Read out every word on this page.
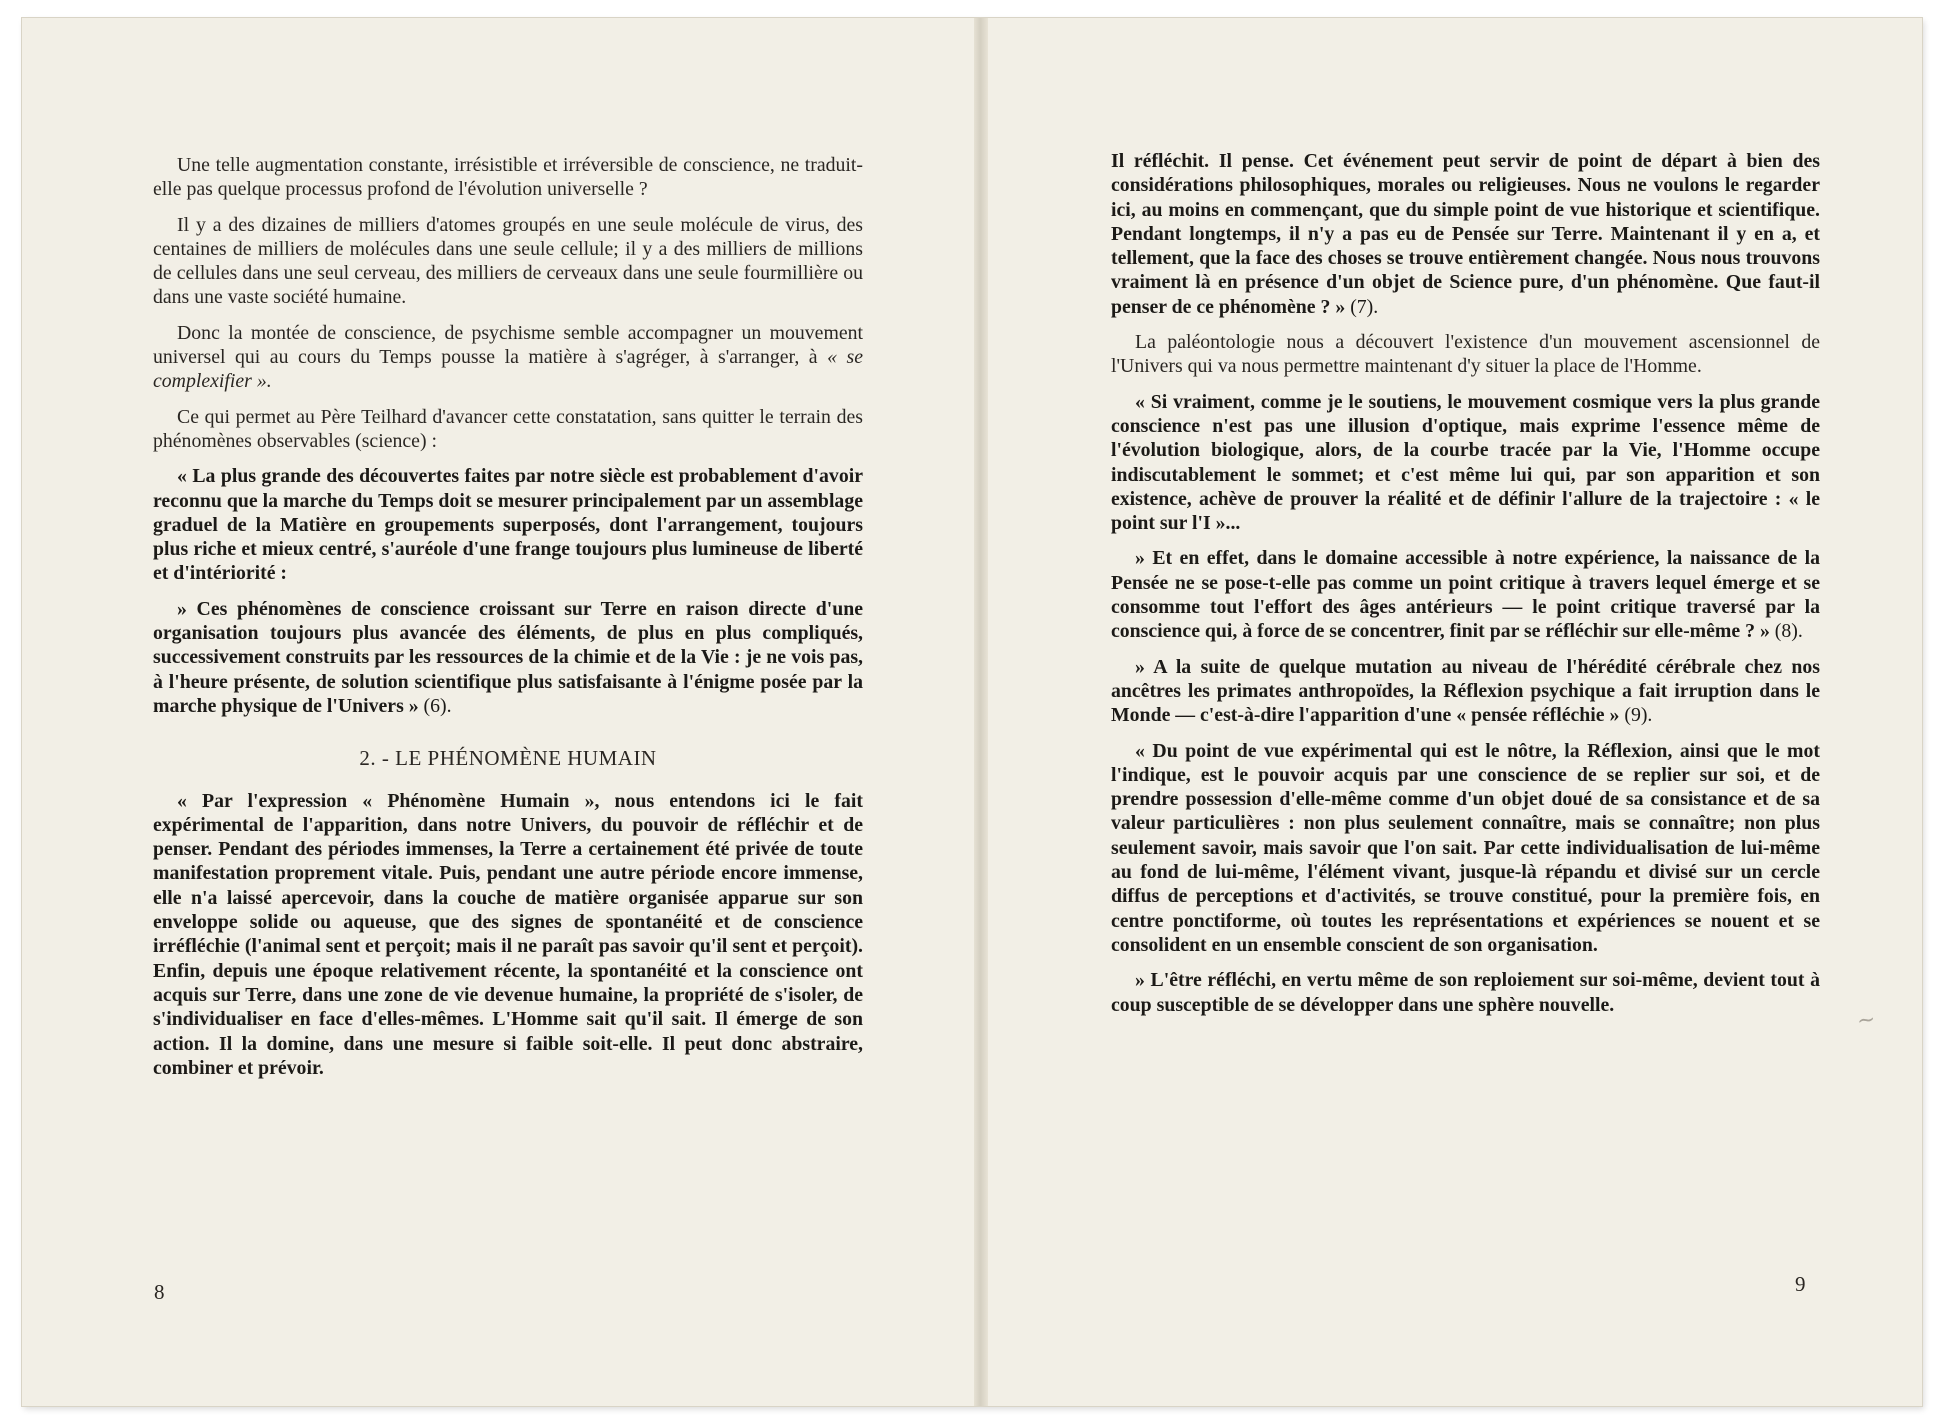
Une telle augmentation constante, irrésistible et irréversible de conscience, ne traduit-elle pas quelque processus profond de l'évolution universelle ?

Il y a des dizaines de milliers d'atomes groupés en une seule molécule de virus, des centaines de milliers de molécules dans une seule cellule; il y a des milliers de millions de cellules dans une seul cerveau, des milliers de cerveaux dans une seule fourmillière ou dans une vaste société humaine.

Donc la montée de conscience, de psychisme semble accompagner un mouvement universel qui au cours du Temps pousse la matière à s'agréger, à s'arranger, à « se complexifier ».

Ce qui permet au Père Teilhard d'avancer cette constatation, sans quitter le terrain des phénomènes observables (science) :

« La plus grande des découvertes faites par notre siècle est probablement d'avoir reconnu que la marche du Temps doit se mesurer principalement par un assemblage graduel de la Matière en groupements superposés, dont l'arrangement, toujours plus riche et mieux centré, s'auréole d'une frange toujours plus lumineuse de liberté et d'intériorité :

» Ces phénomènes de conscience croissant sur Terre en raison directe d'une organisation toujours plus avancée des éléments, de plus en plus compliqués, successivement construits par les ressources de la chimie et de la Vie : je ne vois pas, à l'heure présente, de solution scientifique plus satisfaisante à l'énigme posée par la marche physique de l'Univers » (6).

2. - LE PHÉNOMÈNE HUMAIN

« Par l'expression « Phénomène Humain », nous entendons ici le fait expérimental de l'apparition, dans notre Univers, du pouvoir de réfléchir et de penser. Pendant des périodes immenses, la Terre a certainement été privée de toute manifestation proprement vitale. Puis, pendant une autre période encore immense, elle n'a laissé apercevoir, dans la couche de matière organisée apparue sur son enveloppe solide ou aqueuse, que des signes de spontanéité et de conscience irréfléchie (l'animal sent et perçoit; mais il ne paraît pas savoir qu'il sent et perçoit). Enfin, depuis une époque relativement récente, la spontanéité et la conscience ont acquis sur Terre, dans une zone de vie devenue humaine, la propriété de s'isoler, de s'individualiser en face d'elles-mêmes. L'Homme sait qu'il sait. Il émerge de son action. Il la domine, dans une mesure si faible soit-elle. Il peut donc abstraire, combiner et prévoir.

8

Il réfléchit. Il pense. Cet événement peut servir de point de départ à bien des considérations philosophiques, morales ou religieuses. Nous ne voulons le regarder ici, au moins en commençant, que du simple point de vue historique et scientifique. Pendant longtemps, il n'y a pas eu de Pensée sur Terre. Maintenant il y en a, et tellement, que la face des choses se trouve entièrement changée. Nous nous trouvons vraiment là en présence d'un objet de Science pure, d'un phénomène. Que faut-il penser de ce phénomène ? » (7).

La paléontologie nous a découvert l'existence d'un mouvement ascensionnel de l'Univers qui va nous permettre maintenant d'y situer la place de l'Homme.

« Si vraiment, comme je le soutiens, le mouvement cosmique vers la plus grande conscience n'est pas une illusion d'optique, mais exprime l'essence même de l'évolution biologique, alors, de la courbe tracée par la Vie, l'Homme occupe indiscutablement le sommet; et c'est même lui qui, par son apparition et son existence, achève de prouver la réalité et de définir l'allure de la trajectoire : « le point sur l'I »...

» Et en effet, dans le domaine accessible à notre expérience, la naissance de la Pensée ne se pose-t-elle pas comme un point critique à travers lequel émerge et se consomme tout l'effort des âges antérieurs — le point critique traversé par la conscience qui, à force de se concentrer, finit par se réfléchir sur elle-même ? » (8).

» A la suite de quelque mutation au niveau de l'hérédité cérébrale chez nos ancêtres les primates anthropoïdes, la Réflexion psychique a fait irruption dans le Monde — c'est-à-dire l'apparition d'une « pensée réfléchie » (9).

« Du point de vue expérimental qui est le nôtre, la Réflexion, ainsi que le mot l'indique, est le pouvoir acquis par une conscience de se replier sur soi, et de prendre possession d'elle-même comme d'un objet doué de sa consistance et de sa valeur particulières : non plus seulement connaître, mais se connaître; non plus seulement savoir, mais savoir que l'on sait. Par cette individualisation de lui-même au fond de lui-même, l'élément vivant, jusque-là répandu et divisé sur un cercle diffus de perceptions et d'activités, se trouve constitué, pour la première fois, en centre ponctiforme, où toutes les représentations et expériences se nouent et se consolident en un ensemble conscient de son organisation.

» L'être réfléchi, en vertu même de son reploiement sur soi-même, devient tout à coup susceptible de se développer dans une sphère nouvelle.

9
~
